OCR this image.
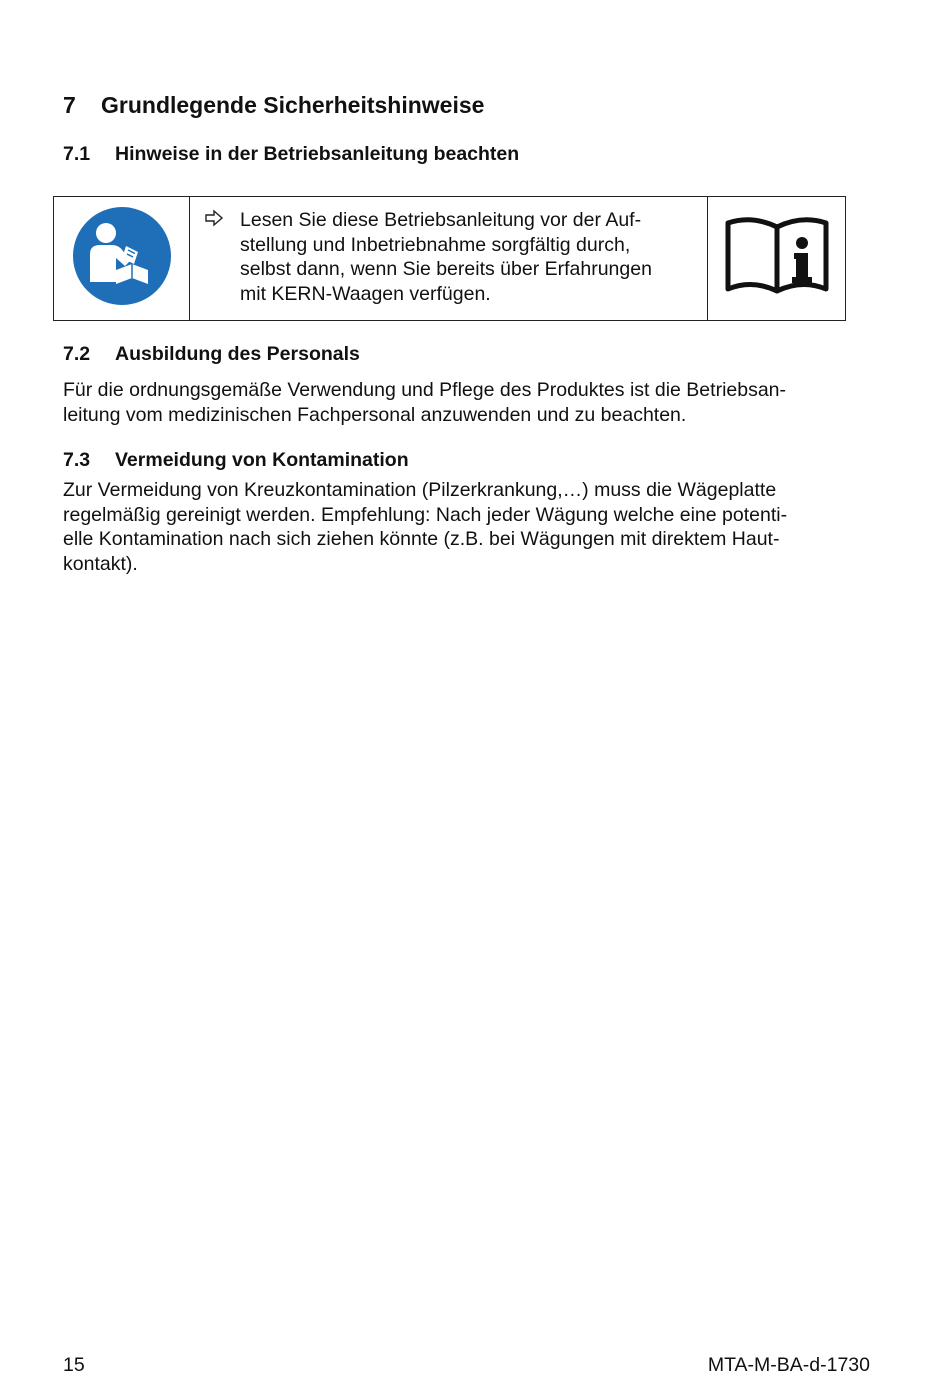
7 Grundlegende Sicherheitshinweise
7.1 Hinweise in der Betriebsanleitung beachten

Lesen Sie diese Betriebsanleitung vor der Auf-
stellung und Inbetriebnahme sorgfältig durch,
selbst dann, wenn Sie bereits über Erfahrungen
mit KERN-Waagen verfügen.

7.2 Ausbildung des Personals
Für die ordnungsgemäße Verwendung und Pflege des Produktes ist die Betriebsan-
leitung vom medizinischen Fachpersonal anzuwenden und zu beachten.
7.3 Vermeidung von Kontamination
Zur Vermeidung von Kreuzkontamination (Pilzerkrankung,…) muss die Wägeplatte
regelmäßig gereinigt werden. Empfehlung: Nach jeder Wägung welche eine potenti-
elle Kontamination nach sich ziehen könnte (z.B. bei Wägungen mit direktem Haut-
kontakt).
15	MTA-M-BA-d-1730
